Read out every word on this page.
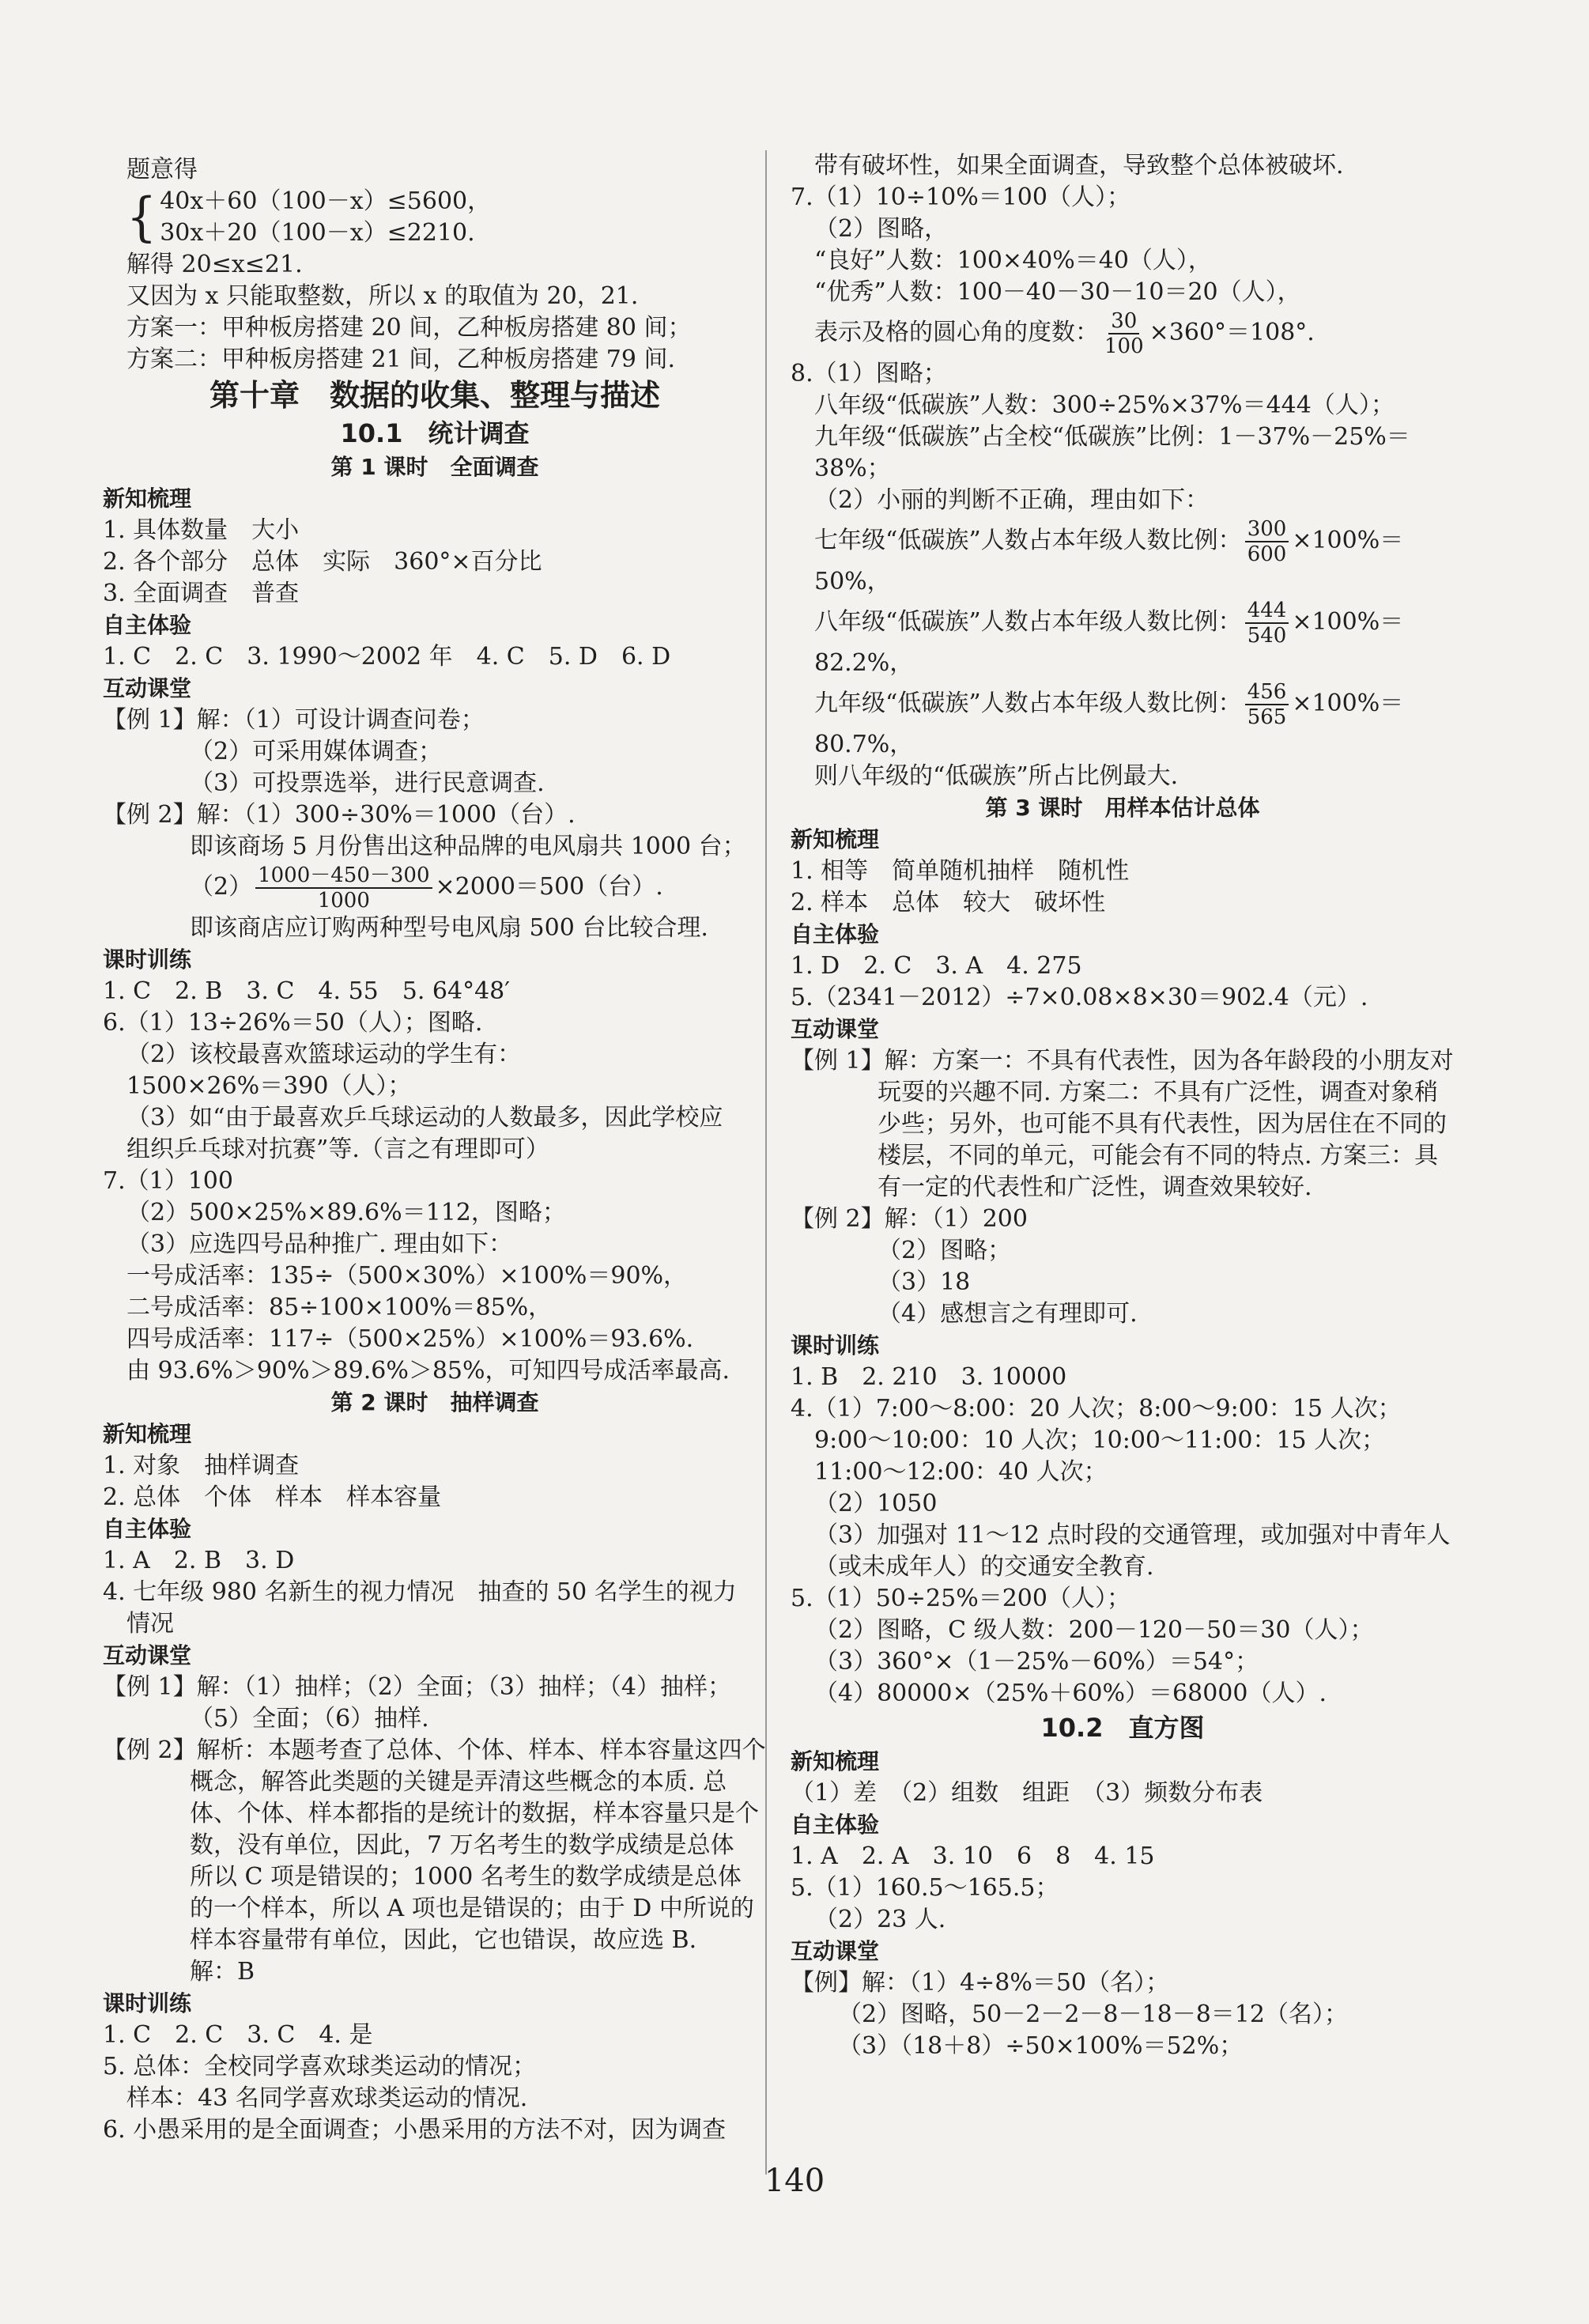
题意得
{ 40x＋60（100－x）≤5600，
30x＋20（100－x）≤2210.
解得 20≤x≤21.
又因为 x 只能取整数，所以 x 的取值为 20，21.
方案一：甲种板房搭建 20 间，乙种板房搭建 80 间；
方案二：甲种板房搭建 21 间，乙种板房搭建 79 间.
第十章　数据的收集、整理与描述
10.1　统计调查
第 1 课时　全面调查
新知梳理
1. 具体数量　大小
2. 各个部分　总体　实际　360°×百分比
3. 全面调查　普查
自主体验
1. C　2. C　3. 1990～2002 年　4. C　5. D　6. D
互动课堂
【例 1】解：（1）可设计调查问卷；
（2）可采用媒体调查；
（3）可投票选举，进行民意调查.
【例 2】解：（1）300÷30%＝1000（台）.
即该商场 5 月份售出这种品牌的电风扇共 1000 台；
$(2) \frac{1000-450-300}{1000} \times 2000=500$（台）.
即该商店应订购两种型号电风扇 500 台比较合理.
课时训练
1. C　2. B　3. C　4. 55　5. 64°48′
6.（1）13÷26%＝50（人）；图略.
（2）该校最喜欢篮球运动的学生有：
1500×26%＝390（人）；
（3）如“由于最喜欢乒乓球运动的人数最多，因此学校应
组织乒乓球对抗赛”等.（言之有理即可）
7.（1）100
（2）500×25%×89.6%＝112，图略；
（3）应选四号品种推广. 理由如下：
一号成活率：135÷（500×30%）×100%＝90%，
二号成活率：85÷100×100%＝85%，
四号成活率：117÷（500×25%）×100%＝93.6%.
由 93.6%＞90%＞89.6%＞85%，可知四号成活率最高.
第 2 课时　抽样调查
新知梳理
1. 对象　抽样调查
2. 总体　个体　样本　样本容量
自主体验
1. A　2. B　3. D
4. 七年级 980 名新生的视力情况　抽查的 50 名学生的视力
情况
互动课堂
【例 1】解：（1）抽样；（2）全面；（3）抽样；（4）抽样；
（5）全面；（6）抽样.
【例 2】解析：本题考查了总体、个体、样本、样本容量这四个
概念，解答此类题的关键是弄清这些概念的本质. 总
体、个体、样本都指的是统计的数据，样本容量只是个
数，没有单位，因此，7 万名考生的数学成绩是总体
所以 C 项是错误的；1000 名考生的数学成绩是总体
的一个样本，所以 A 项也是错误的；由于 D 中所说的
样本容量带有单位，因此，它也错误，故应选 B.
解：B
课时训练
1. C　2. C　3. C　4. 是
5. 总体：全校同学喜欢球类运动的情况；
样本：43 名同学喜欢球类运动的情况.
6. 小愚采用的是全面调查；小愚采用的方法不对，因为调查
带有破坏性，如果全面调查，导致整个总体被破坏.
7.（1）10÷10%＝100（人）；
（2）图略，
“良好”人数：100×40%＝40（人），
“优秀”人数：100－40－30－10＝20（人），
表示及格的圆心角的度数： $\frac{30}{100} \times 360^\circ=108^\circ$.
8.（1）图略；
八年级“低碳族”人数：300÷25%×37%＝444（人）；
九年级“低碳族”占全校“低碳族”比例：1－37%－25%＝
38%；
（2）小丽的判断不正确，理由如下：
七年级“低碳族”人数占本年级人数比例： $\frac{300}{600} \times 100\%=$
50%，
八年级“低碳族”人数占本年级人数比例： $\frac{444}{540} \times 100\%=$
82.2%，
九年级“低碳族”人数占本年级人数比例： $\frac{456}{565} \times 100\%=$
80.7%，
则八年级的“低碳族”所占比例最大.
第 3 课时　用样本估计总体
新知梳理
1. 相等　简单随机抽样　随机性
2. 样本　总体　较大　破坏性
自主体验
1. D　2. C　3. A　4. 275
5.（2341－2012）÷7×0.08×8×30＝902.4（元）.
互动课堂
【例 1】解：方案一：不具有代表性，因为各年龄段的小朋友对
玩耍的兴趣不同. 方案二：不具有广泛性，调查对象稍
少些；另外，也可能不具有代表性，因为居住在不同的
楼层，不同的单元，可能会有不同的特点. 方案三：具
有一定的代表性和广泛性，调查效果较好.
【例 2】解：（1）200
（2）图略；
（3）18
（4）感想言之有理即可.
课时训练
1. B　2. 210　3. 10000
4.（1）7:00～8:00：20 人次；8:00～9:00：15 人次；
9:00～10:00：10 人次；10:00～11:00：15 人次；
11:00～12:00：40 人次；
（2）1050
（3）加强对 11～12 点时段的交通管理，或加强对中青年人
（或未成年人）的交通安全教育.
5.（1）50÷25%＝200（人）；
（2）图略，C 级人数：200－120－50＝30（人）；
（3）360°×（1－25%－60%）＝54°；
（4）80000×（25%＋60%）＝68000（人）.
10.2　直方图
新知梳理
（1）差　（2）组数　组距　（3）频数分布表
自主体验
1. A　2. A　3. 10　6　8　4. 15
5.（1）160.5～165.5；
（2）23 人.
互动课堂
【例】解：（1）4÷8%＝50（名）；
（2）图略，50－2－2－8－18－8＝12（名）；
（3）（18＋8）÷50×100%＝52%；
140
